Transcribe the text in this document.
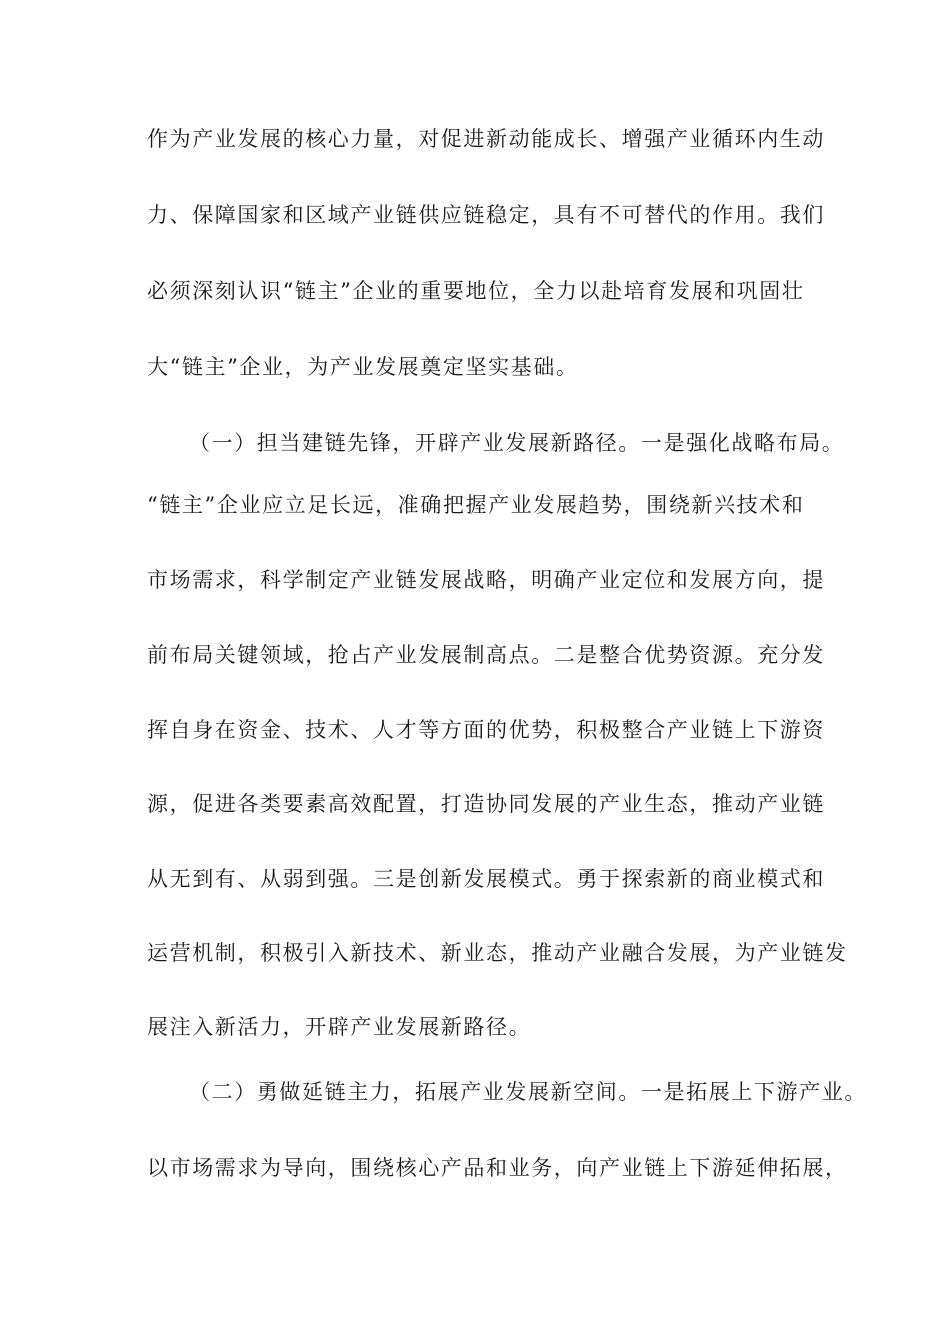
作为产业发展的核心力量，对促进新动能成长、增强产业循环内生动
力、保障国家和区域产业链供应链稳定，具有不可替代的作用。我们
必须深刻认识“链主”企业的重要地位，全力以赴培育发展和巩固壮
大“链主”企业，为产业发展奠定坚实基础。
（一）担当建链先锋，开辟产业发展新路径。一是强化战略布局。
“链主”企业应立足长远，准确把握产业发展趋势，围绕新兴技术和
市场需求，科学制定产业链发展战略，明确产业定位和发展方向，提
前布局关键领域，抢占产业发展制高点。二是整合优势资源。充分发
挥自身在资金、技术、人才等方面的优势，积极整合产业链上下游资
源，促进各类要素高效配置，打造协同发展的产业生态，推动产业链
从无到有、从弱到强。三是创新发展模式。勇于探索新的商业模式和
运营机制，积极引入新技术、新业态，推动产业融合发展，为产业链发
展注入新活力，开辟产业发展新路径。
（二）勇做延链主力，拓展产业发展新空间。一是拓展上下游产业。
以市场需求为导向，围绕核心产品和业务，向产业链上下游延伸拓展，
